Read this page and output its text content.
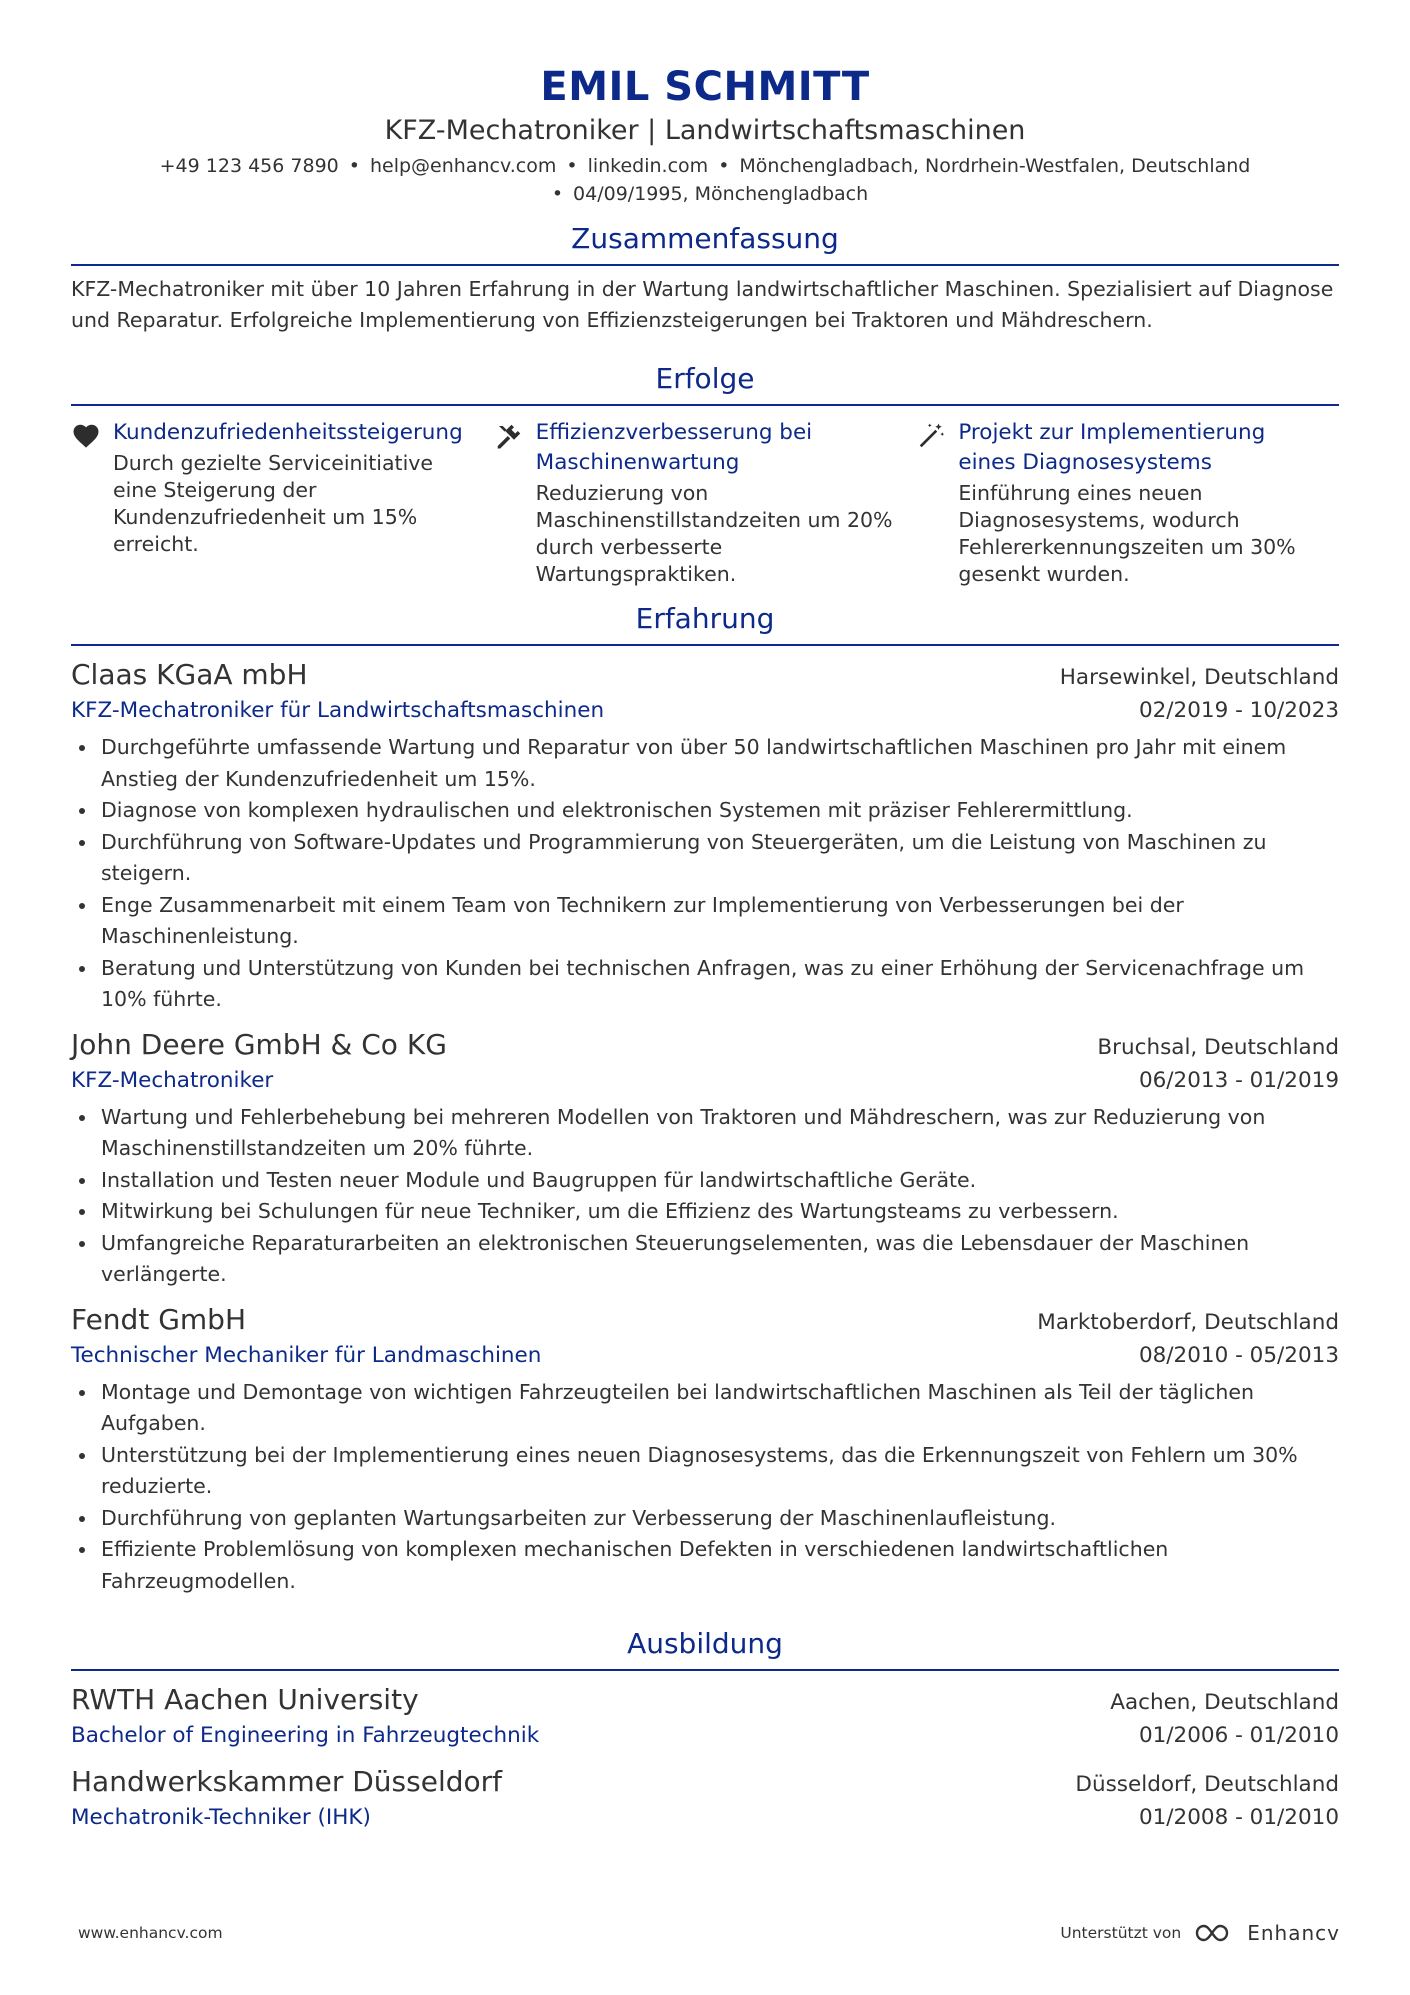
EMIL SCHMITT
KFZ-Mechatroniker | Landwirtschaftsmaschinen
+49 123 456 7890 • help@enhancv.com • linkedin.com • Mönchengladbach, Nordrhein-Westfalen, Deutschland
• 04/09/1995, Mönchengladbach
Zusammenfassung
KFZ-Mechatroniker mit über 10 Jahren Erfahrung in der Wartung landwirtschaftlicher Maschinen. Spezialisiert auf Diagnose und Reparatur. Erfolgreiche Implementierung von Effizienzsteigerungen bei Traktoren und Mähdreschern.
Erfolge
Kundenzufriedenheitssteigerung
Durch gezielte Serviceinitiative eine Steigerung der Kundenzufriedenheit um 15% erreicht.
Effizienzverbesserung bei Maschinenwartung
Reduzierung von Maschinenstillstandzeiten um 20% durch verbesserte Wartungspraktiken.
Projekt zur Implementierung eines Diagnosesystems
Einführung eines neuen Diagnosesystems, wodurch Fehlererkennungszeiten um 30% gesenkt wurden.
Erfahrung
Claas KGaA mbH	Harsewinkel, Deutschland
KFZ-Mechatroniker für Landwirtschaftsmaschinen	02/2019 - 10/2023
Durchgeführte umfassende Wartung und Reparatur von über 50 landwirtschaftlichen Maschinen pro Jahr mit einem Anstieg der Kundenzufriedenheit um 15%.
Diagnose von komplexen hydraulischen und elektronischen Systemen mit präziser Fehlerermittlung.
Durchführung von Software-Updates und Programmierung von Steuergeräten, um die Leistung von Maschinen zu steigern.
Enge Zusammenarbeit mit einem Team von Technikern zur Implementierung von Verbesserungen bei der Maschinenleistung.
Beratung und Unterstützung von Kunden bei technischen Anfragen, was zu einer Erhöhung der Servicenachfrage um 10% führte.
John Deere GmbH & Co KG	Bruchsal, Deutschland
KFZ-Mechatroniker	06/2013 - 01/2019
Wartung und Fehlerbehebung bei mehreren Modellen von Traktoren und Mähdreschern, was zur Reduzierung von Maschinenstillstandzeiten um 20% führte.
Installation und Testen neuer Module und Baugruppen für landwirtschaftliche Geräte.
Mitwirkung bei Schulungen für neue Techniker, um die Effizienz des Wartungsteams zu verbessern.
Umfangreiche Reparaturarbeiten an elektronischen Steuerungselementen, was die Lebensdauer der Maschinen verlängerte.
Fendt GmbH	Marktoberdorf, Deutschland
Technischer Mechaniker für Landmaschinen	08/2010 - 05/2013
Montage und Demontage von wichtigen Fahrzeugteilen bei landwirtschaftlichen Maschinen als Teil der täglichen Aufgaben.
Unterstützung bei der Implementierung eines neuen Diagnosesystems, das die Erkennungszeit von Fehlern um 30% reduzierte.
Durchführung von geplanten Wartungsarbeiten zur Verbesserung der Maschinenlaufleistung.
Effiziente Problemlösung von komplexen mechanischen Defekten in verschiedenen landwirtschaftlichen Fahrzeugmodellen.
Ausbildung
RWTH Aachen University	Aachen, Deutschland
Bachelor of Engineering in Fahrzeugtechnik	01/2006 - 01/2010
Handwerkskammer Düsseldorf	Düsseldorf, Deutschland
Mechatronik-Techniker (IHK)	01/2008 - 01/2010
www.enhancv.com	Unterstützt von	Enhancv
